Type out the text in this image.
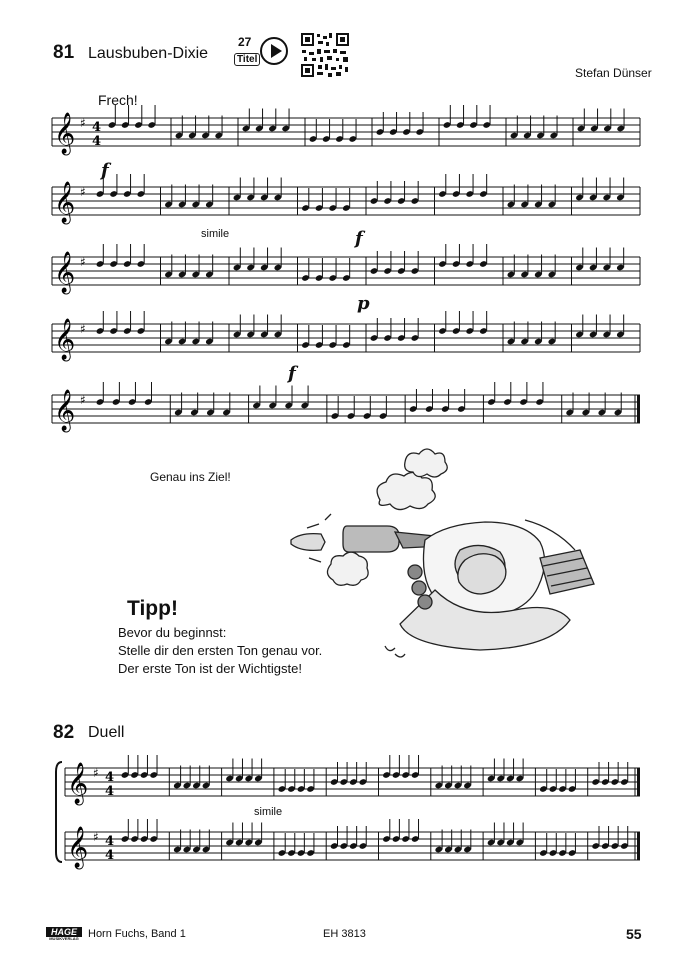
81 Lausbuben-Dixie
27
Titel
Stefan Dünser
Frech!
f
simile	f
p
f
𝄞 ♯ 4
4
𝄞 ♯
𝄞 ♯
𝄞 ♯
𝄞 ♯
Genau ins Ziel!
Tipp!
Bevor du beginnst:
Stelle dir den ersten Ton genau vor.
Der erste Ton ist der Wichtigste!
82 Duell
simile
𝄞 ♯ 4
4
𝄞 ♯ 4
4
HAGE
MUSIKVERLAG Horn Fuchs, Band 1	EH 3813	55
